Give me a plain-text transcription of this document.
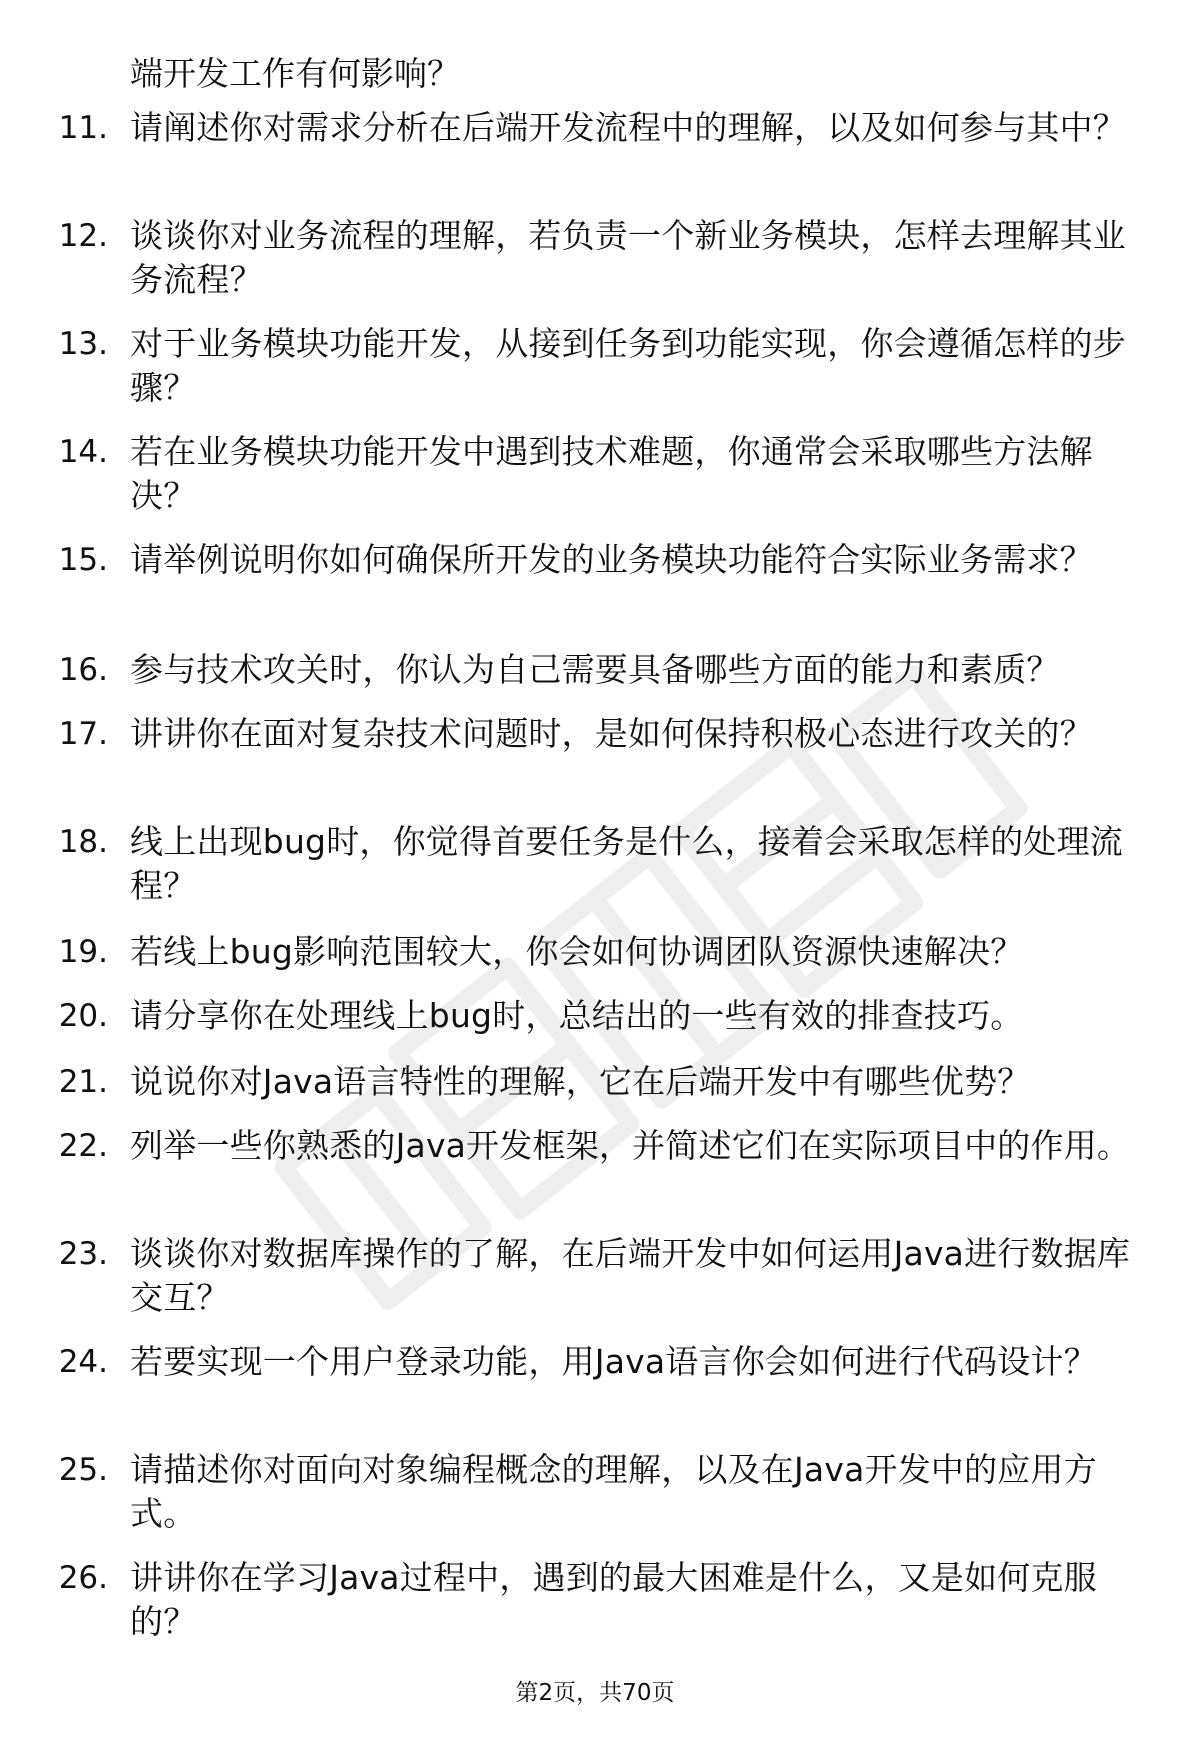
端开发工作有何影响？
11. 请阐述你对需求分析在后端开发流程中的理解，以及如何参与其中？
12. 谈谈你对业务流程的理解，若负责一个新业务模块，怎样去理解其业务流程？
13. 对于业务模块功能开发，从接到任务到功能实现，你会遵循怎样的步骤？
14. 若在业务模块功能开发中遇到技术难题，你通常会采取哪些方法解决？
15. 请举例说明你如何确保所开发的业务模块功能符合实际业务需求？
16. 参与技术攻关时，你认为自己需要具备哪些方面的能力和素质？
17. 讲讲你在面对复杂技术问题时，是如何保持积极心态进行攻关的？
18. 线上出现bug时，你觉得首要任务是什么，接着会采取怎样的处理流程？
19. 若线上bug影响范围较大，你会如何协调团队资源快速解决？
20. 请分享你在处理线上bug时，总结出的一些有效的排查技巧。
21. 说说你对Java语言特性的理解，它在后端开发中有哪些优势？
22. 列举一些你熟悉的Java开发框架，并简述它们在实际项目中的作用。
23. 谈谈你对数据库操作的了解，在后端开发中如何运用Java进行数据库交互？
24. 若要实现一个用户登录功能，用Java语言你会如何进行代码设计？
25. 请描述你对面向对象编程概念的理解，以及在Java开发中的应用方式。
26. 讲讲你在学习Java过程中，遇到的最大困难是什么，又是如何克服的？
第2页，共70页
